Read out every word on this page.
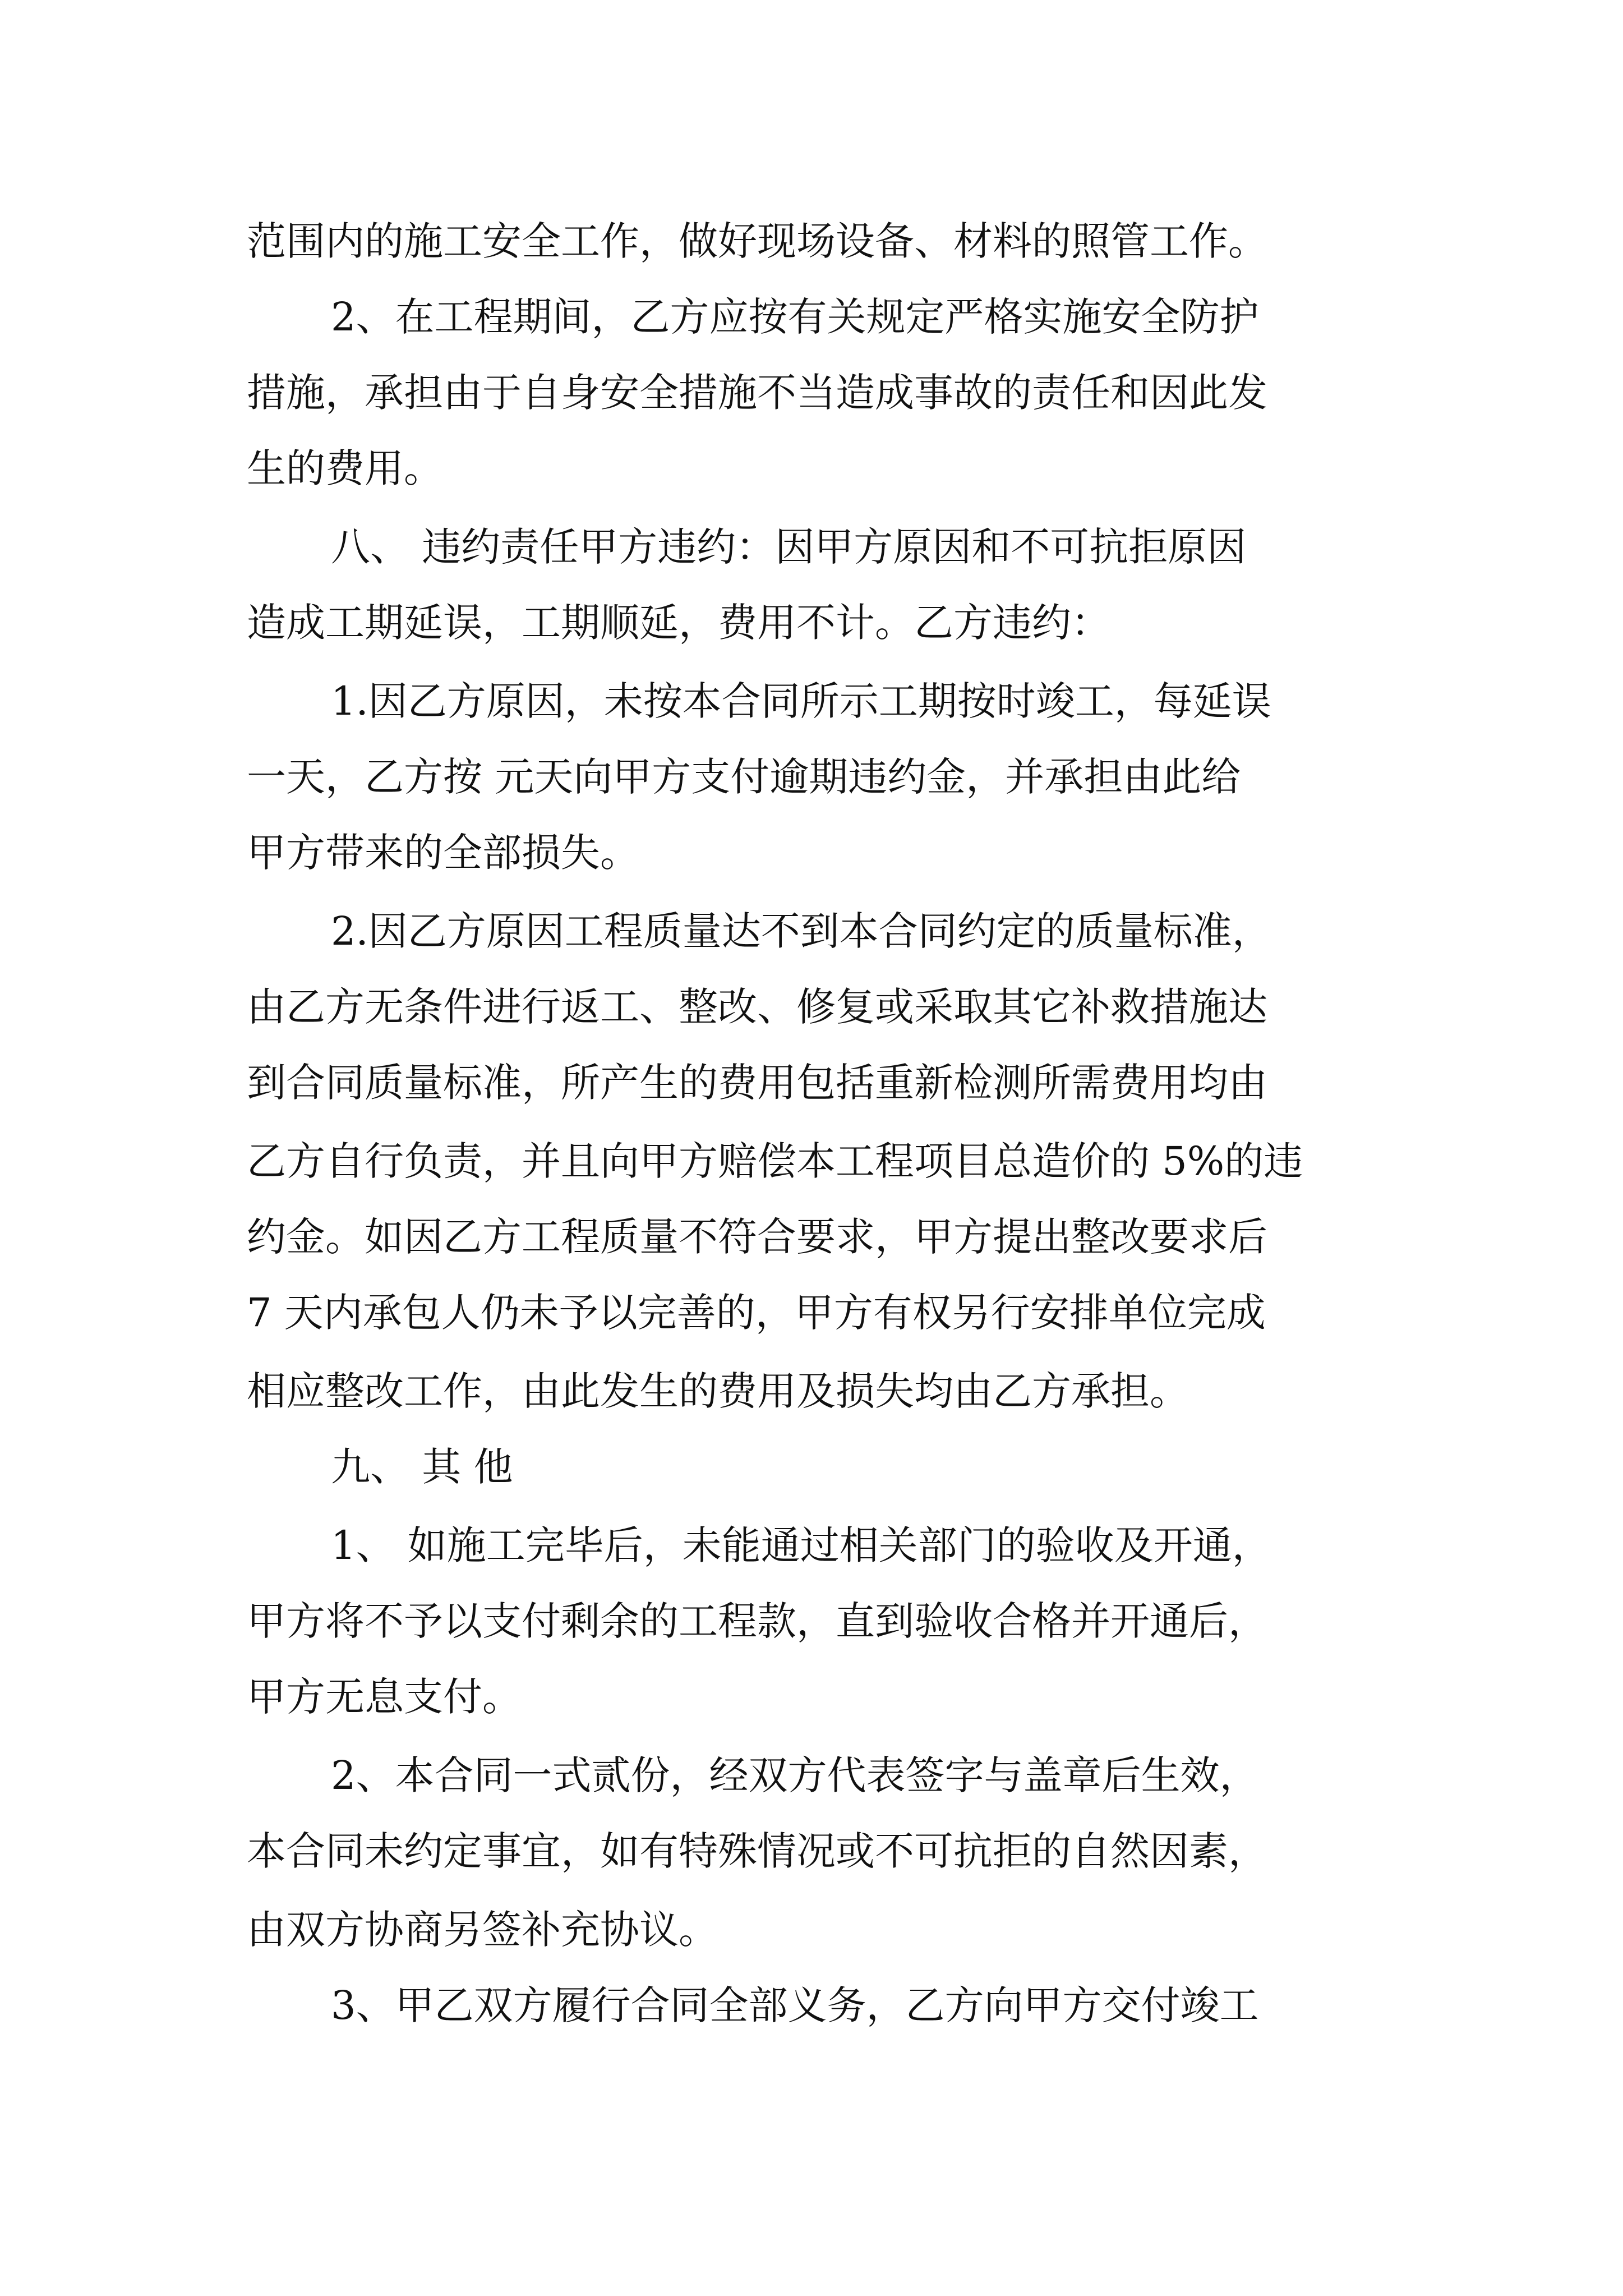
范围内的施工安全工作，做好现场设备、材料的照管工作。
2、在工程期间，乙方应按有关规定严格实施安全防护
措施，承担由于自身安全措施不当造成事故的责任和因此发
生的费用。
八、 违约责任甲方违约：因甲方原因和不可抗拒原因
造成工期延误，工期顺延，费用不计。乙方违约：
1.因乙方原因，未按本合同所示工期按时竣工，每延误
一天，乙方按 元天向甲方支付逾期违约金，并承担由此给
甲方带来的全部损失。
2.因乙方原因工程质量达不到本合同约定的质量标准，
由乙方无条件进行返工、整改、修复或采取其它补救措施达
到合同质量标准，所产生的费用包括重新检测所需费用均由
乙方自行负责，并且向甲方赔偿本工程项目总造价的 5%的违
约金。如因乙方工程质量不符合要求，甲方提出整改要求后
7 天内承包人仍未予以完善的，甲方有权另行安排单位完成
相应整改工作，由此发生的费用及损失均由乙方承担。
九、 其 他
1、 如施工完毕后，未能通过相关部门的验收及开通，
甲方将不予以支付剩余的工程款，直到验收合格并开通后，
甲方无息支付。
2、本合同一式贰份，经双方代表签字与盖章后生效，
本合同未约定事宜，如有特殊情况或不可抗拒的自然因素，
由双方协商另签补充协议。
3、甲乙双方履行合同全部义务，乙方向甲方交付竣工
